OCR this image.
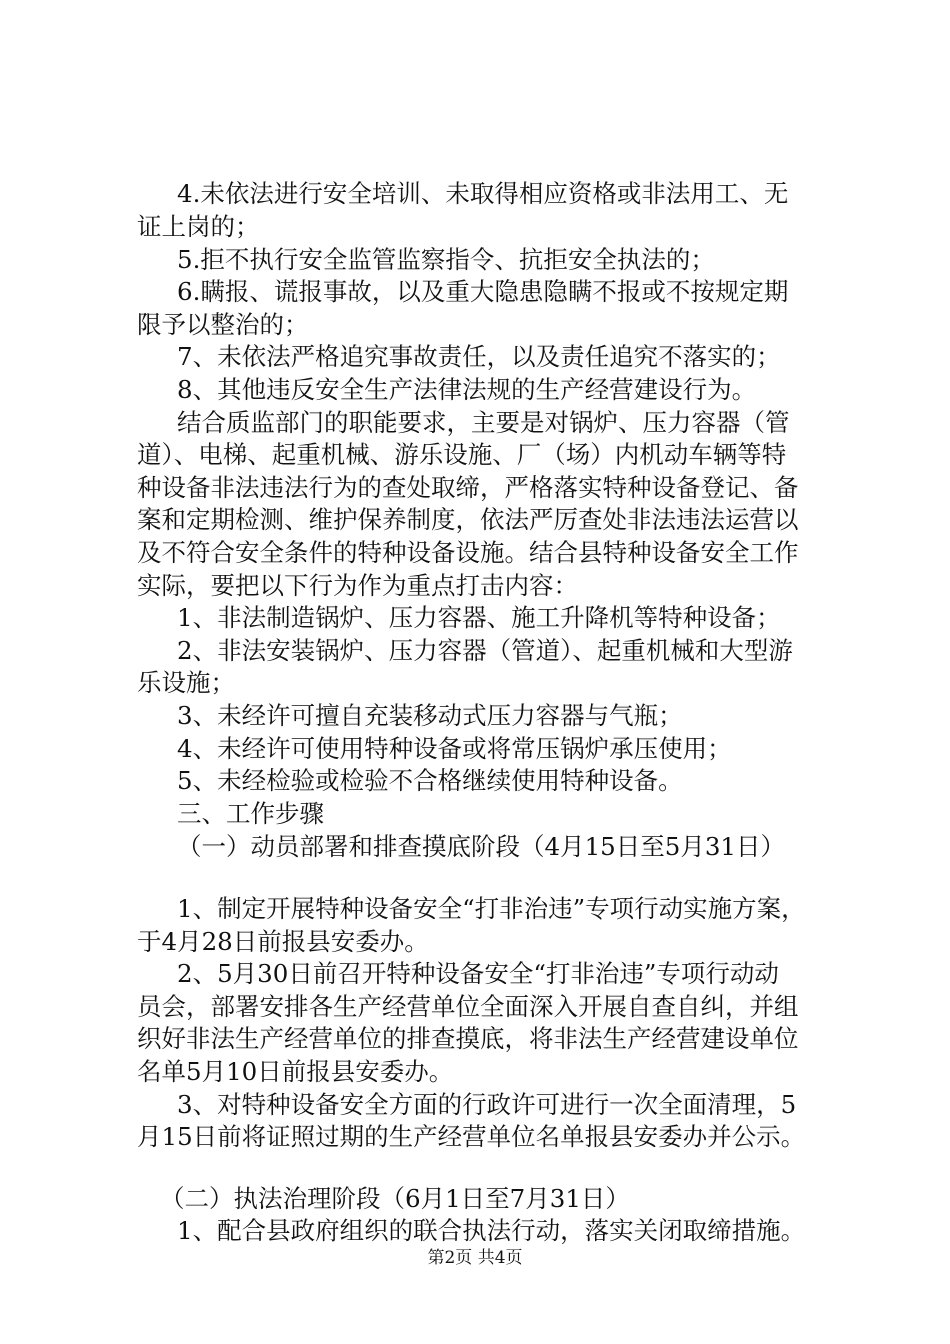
4.未依法进行安全培训、未取得相应资格或非法用工、无
证上岗的；
5.拒不执行安全监管监察指令、抗拒安全执法的；
6.瞒报、谎报事故，以及重大隐患隐瞒不报或不按规定期
限予以整治的；
7、未依法严格追究事故责任，以及责任追究不落实的；
8、其他违反安全生产法律法规的生产经营建设行为。
结合质监部门的职能要求，主要是对锅炉、压力容器（管
道）、电梯、起重机械、游乐设施、厂（场）内机动车辆等特
种设备非法违法行为的查处取缔，严格落实特种设备登记、备
案和定期检测、维护保养制度，依法严厉查处非法违法运营以
及不符合安全条件的特种设备设施。结合县特种设备安全工作
实际，要把以下行为作为重点打击内容：
1、非法制造锅炉、压力容器、施工升降机等特种设备；
2、非法安装锅炉、压力容器（管道）、起重机械和大型游
乐设施；
3、未经许可擅自充装移动式压力容器与气瓶；
4、未经许可使用特种设备或将常压锅炉承压使用；
5、未经检验或检验不合格继续使用特种设备。
三、工作步骤
（一）动员部署和排查摸底阶段（4月15日至5月31日）
1、制定开展特种设备安全“打非治违”专项行动实施方案，
于4月28日前报县安委办。
2、5月30日前召开特种设备安全“打非治违”专项行动动
员会，部署安排各生产经营单位全面深入开展自查自纠，并组
织好非法生产经营单位的排查摸底，将非法生产经营建设单位
名单5月10日前报县安委办。
3、对特种设备安全方面的行政许可进行一次全面清理，5
月15日前将证照过期的生产经营单位名单报县安委办并公示。
（二）执法治理阶段（6月1日至7月31日）
1、配合县政府组织的联合执法行动，落实关闭取缔措施。
第2页 共4页
